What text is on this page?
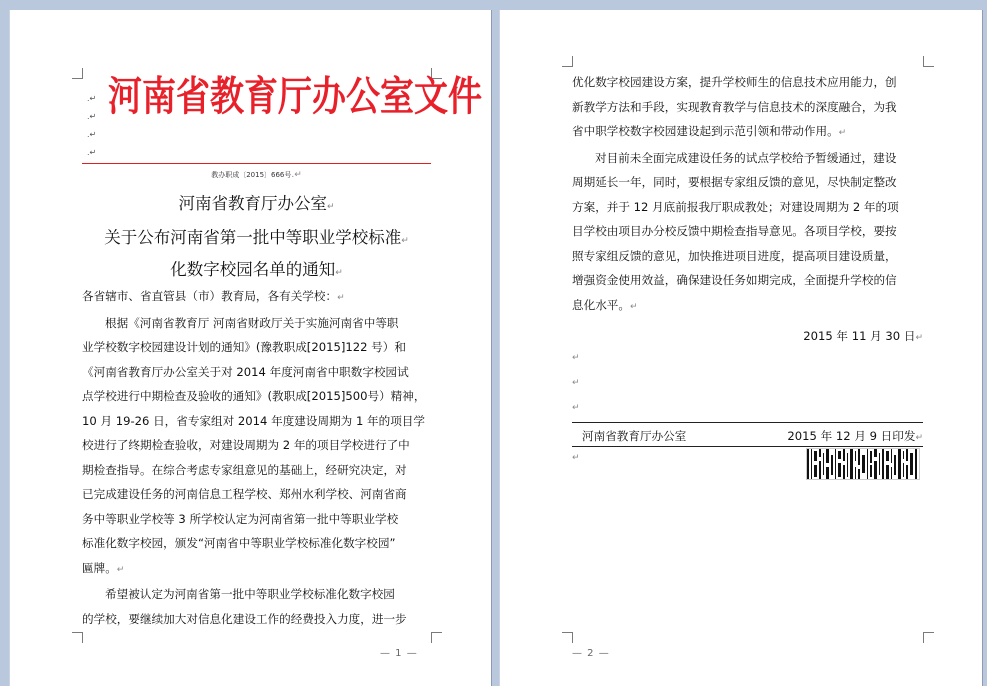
河南省教育厅办公室文件
.↵
.↵
.↵
.↵
教办职成〔2015〕666号.↵
河南省教育厅办公室↵
关于公布河南省第一批中等职业学校标准↵
化数字校园名单的通知↵

各省辖市、省直管县（市）教育局，各有关学校：↵

根据《河南省教育厅 河南省财政厅关于实施河南省中等职

业学校数字校园建设计划的通知》(豫教职成[2015]122 号）和

《河南省教育厅办公室关于对 2014 年度河南省中职数字校园试

点学校进行中期检查及验收的通知》(教职成[2015]500号）精神，

10 月 19-26 日，省专家组对 2014 年度建设周期为 1 年的项目学

校进行了终期检查验收，对建设周期为 2 年的项目学校进行了中

期检查指导。在综合考虑专家组意见的基础上，经研究决定，对

已完成建设任务的河南信息工程学校、郑州水利学校、河南省商

务中等职业学校等 3 所学校认定为河南省第一批中等职业学校

标准化数字校园，颁发“河南省中等职业学校标准化数字校园”

匾牌。↵

希望被认定为河南省第一批中等职业学校标准化数字校园

的学校，要继续加大对信息化建设工作的经费投入力度，进一步

— 1 —

优化数字校园建设方案，提升学校师生的信息技术应用能力，创

新教学方法和手段，实现教育教学与信息技术的深度融合，为我

省中职学校数字校园建设起到示范引领和带动作用。↵

对目前未全面完成建设任务的试点学校给予暂缓通过，建设

周期延长一年，同时，要根据专家组反馈的意见，尽快制定整改

方案，并于 12 月底前报我厅职成教处；对建设周期为 2 年的项

目学校由项目办分校反馈中期检查指导意见。各项目学校，要按

照专家组反馈的意见，加快推进项目进度，提高项目建设质量，

增强资金使用效益，确保建设任务如期完成，全面提升学校的信

息化水平。↵

2015 年 11 月 30 日↵
↵
↵
↵
河南省教育厅办公室	2015 年 12 月 9 日印发↵
↵
— 2 —
